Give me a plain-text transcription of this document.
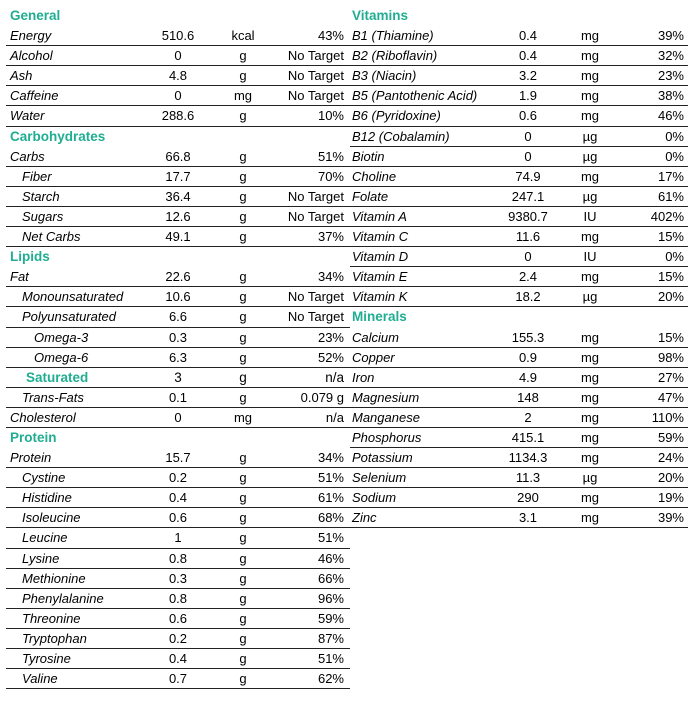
General
Energy	510.6	kcal	43%
Alcohol	0	g	No Target
Ash	4.8	g	No Target
Caffeine	0	mg	No Target
Water	288.6	g	10%
Carbohydrates
Carbs	66.8	g	51%
Fiber	17.7	g	70%
Starch	36.4	g	No Target
Sugars	12.6	g	No Target
Net Carbs	49.1	g	37%
Lipids
Fat	22.6	g	34%
Monounsaturated	10.6	g	No Target
Polyunsaturated	6.6	g	No Target
Omega-3	0.3	g	23%
Omega-6	6.3	g	52%
Saturated	3	g	n/a
Trans-Fats	0.1	g	0.079 g
Cholesterol	0	mg	n/a
Protein
Protein	15.7	g	34%
Cystine	0.2	g	51%
Histidine	0.4	g	61%
Isoleucine	0.6	g	68%
Leucine	1	g	51%
Lysine	0.8	g	46%
Methionine	0.3	g	66%
Phenylalanine	0.8	g	96%
Threonine	0.6	g	59%
Tryptophan	0.2	g	87%
Tyrosine	0.4	g	51%
Valine	0.7	g	62%
Vitamins
B1 (Thiamine)	0.4	mg	39%
B2 (Riboflavin)	0.4	mg	32%
B3 (Niacin)	3.2	mg	23%
B5 (Pantothenic Acid)	1.9	mg	38%
B6 (Pyridoxine)	0.6	mg	46%
B12 (Cobalamin)	0	µg	0%
Biotin	0	µg	0%
Choline	74.9	mg	17%
Folate	247.1	µg	61%
Vitamin A	9380.7	IU	402%
Vitamin C	11.6	mg	15%
Vitamin D	0	IU	0%
Vitamin E	2.4	mg	15%
Vitamin K	18.2	µg	20%
Minerals
Calcium	155.3	mg	15%
Copper	0.9	mg	98%
Iron	4.9	mg	27%
Magnesium	148	mg	47%
Manganese	2	mg	110%
Phosphorus	415.1	mg	59%
Potassium	1134.3	mg	24%
Selenium	11.3	µg	20%
Sodium	290	mg	19%
Zinc	3.1	mg	39%
